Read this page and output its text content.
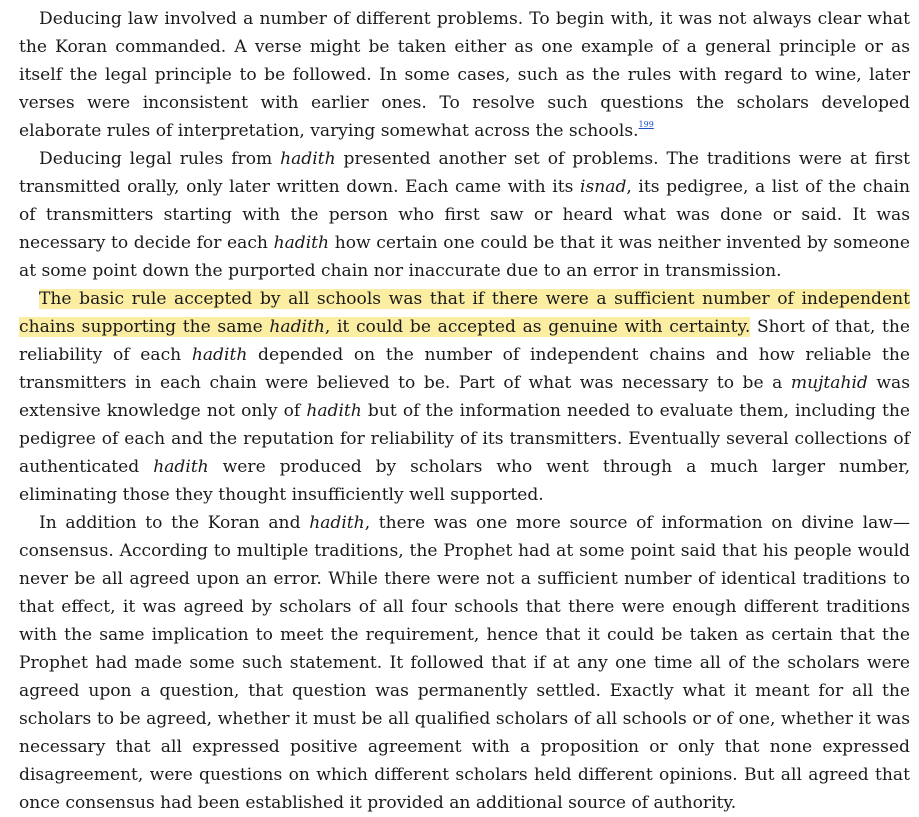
Deducing law involved a number of different problems. To begin with, it was not always clear what the Koran commanded. A verse might be taken either as one example of a general principle or as itself the legal principle to be followed. In some cases, such as the rules with regard to wine, later verses were inconsistent with earlier ones. To resolve such questions the scholars developed elaborate rules of interpretation, varying somewhat across the schools.$^{199}$

Deducing legal rules from hadith presented another set of problems. The traditions were at first transmitted orally, only later written down. Each came with its isnad, its pedigree, a list of the chain of transmitters starting with the person who first saw or heard what was done or said. It was necessary to decide for each hadith how certain one could be that it was neither invented by someone at some point down the purported chain nor inaccurate due to an error in transmission.

The basic rule accepted by all schools was that if there were a sufficient number of independent chains supporting the same hadith, it could be accepted as genuine with certainty. Short of that, the reliability of each hadith depended on the number of independent chains and how reliable the transmitters in each chain were believed to be. Part of what was necessary to be a mujtahid was extensive knowledge not only of hadith but of the information needed to evaluate them, including the pedigree of each and the reputation for reliability of its transmitters. Eventually several collections of authenticated hadith were produced by scholars who went through a much larger number, eliminating those they thought insufficiently well supported.

In addition to the Koran and hadith, there was one more source of information on divine law—consensus. According to multiple traditions, the Prophet had at some point said that his people would never be all agreed upon an error. While there were not a sufficient number of identical traditions to that effect, it was agreed by scholars of all four schools that there were enough different traditions with the same implication to meet the requirement, hence that it could be taken as certain that the Prophet had made some such statement. It followed that if at any one time all of the scholars were agreed upon a question, that question was permanently settled. Exactly what it meant for all the scholars to be agreed, whether it must be all qualified scholars of all schools or of one, whether it was necessary that all expressed positive agreement with a proposition or only that none expressed disagreement, were questions on which different scholars held different opinions. But all agreed that once consensus had been established it provided an additional source of authority.
